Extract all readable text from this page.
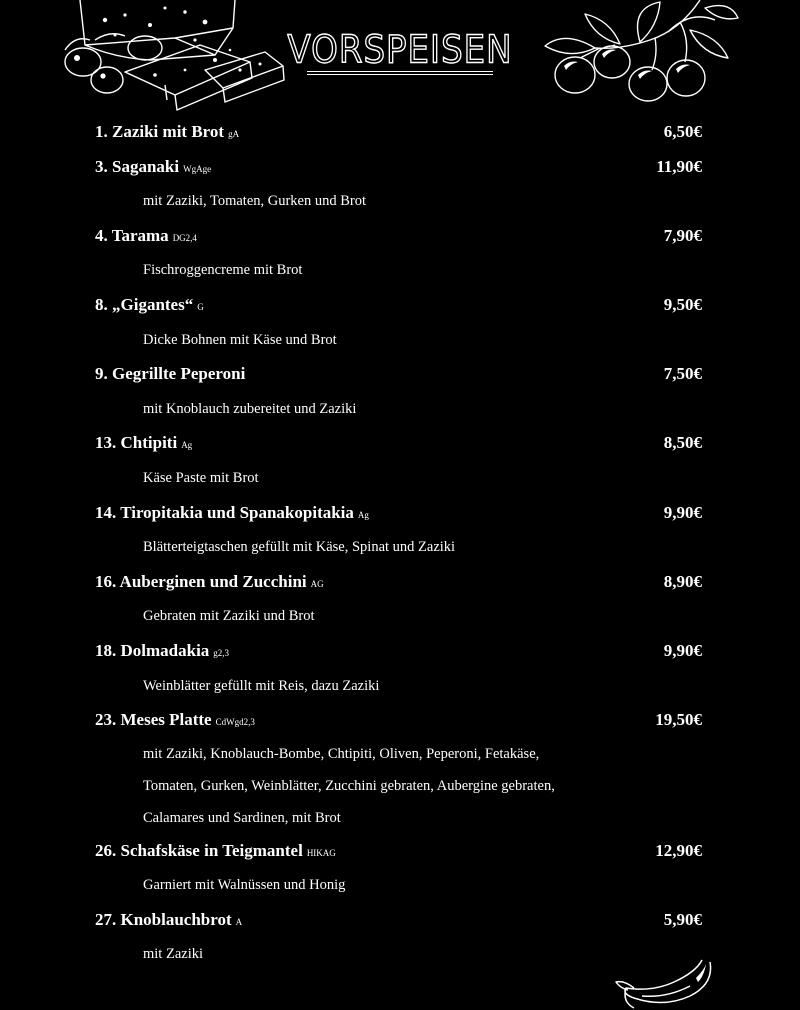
VORSPEISEN
1. Zaziki mit Brot gA	6,50€
3. Saganaki WgAge	11,90€
mit Zaziki, Tomaten, Gurken und Brot
4. Tarama DG2,4	7,90€
Fischroggencreme mit Brot
8. „Gigantes“ G	9,50€
Dicke Bohnen mit Käse und Brot
9. Gegrillte Peperoni	7,50€
mit Knoblauch zubereitet und Zaziki
13. Chtipiti Ag	8,50€
Käse Paste mit Brot
14. Tiropitakia und Spanakopitakia Ag	9,90€
Blätterteigtaschen gefüllt mit Käse, Spinat und Zaziki
16. Auberginen und Zucchini AG	8,90€
Gebraten mit Zaziki und Brot
18. Dolmadakia g2,3	9,90€
Weinblätter gefüllt mit Reis, dazu Zaziki
23. Meses Platte CdWgd2,3	19,50€
mit Zaziki, Knoblauch-Bombe, Chtipiti, Oliven, Peperoni, Fetakäse,
Tomaten, Gurken, Weinblätter, Zucchini gebraten, Aubergine gebraten,
Calamares und Sardinen, mit Brot
26. Schafskäse in Teigmantel HIKAG	12,90€
Garniert mit Walnüssen und Honig
27. Knoblauchbrot A	5,90€
mit Zaziki
